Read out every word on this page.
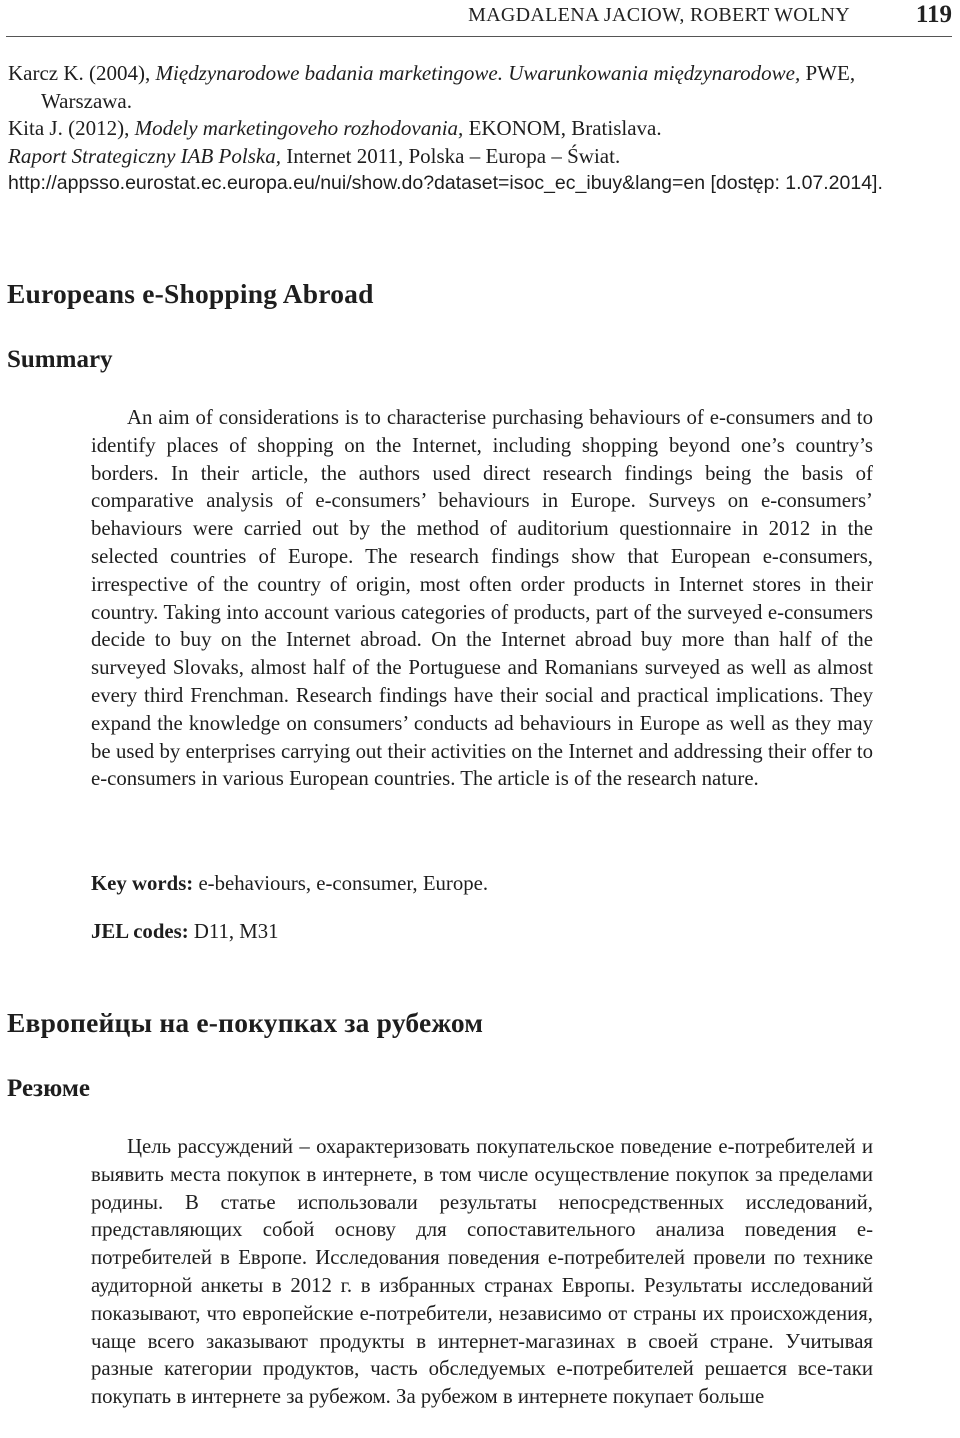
MAGDALENA JACIOW, ROBERT WOLNY	119
Karcz K. (2004), Międzynarodowe badania marketingowe. Uwarunkowania międzynarodowe, PWE, Warszawa.
Kita J. (2012), Modely marketingoveho rozhodovania, EKONOM, Bratislava.
Raport Strategiczny IAB Polska, Internet 2011, Polska – Europa – Świat.
http://appsso.eurostat.ec.europa.eu/nui/show.do?dataset=isoc_ec_ibuy&lang=en [dostęp: 1.07.2014].
Europeans e-Shopping Abroad
Summary

An aim of considerations is to characterise purchasing behaviours of e-consumers and to identify places of shopping on the Internet, including shopping beyond one’s country’s borders. In their article, the authors used direct research findings being the basis of comparative analysis of e-consumers’ behaviours in Europe. Surveys on e-consumers’ behaviours were carried out by the method of auditorium questionnaire in 2012 in the selected countries of Europe. The research findings show that European e-consumers, irrespective of the country of origin, most often order products in Internet stores in their country. Taking into account various categories of products, part of the surveyed e-consumers decide to buy on the Internet abroad. On the Internet abroad buy more than half of the surveyed Slovaks, almost half of the Portuguese and Romanians surveyed as well as almost every third Frenchman. Research findings have their social and practical implications. They expand the knowledge on consumers’ conducts ad behaviours in Europe as well as they may be used by enterprises carrying out their activities on the Internet and addressing their offer to e-consumers in various European countries. The article is of the research nature.

Key words: e-behaviours, e-consumer, Europe.

JEL codes: D11, M31

Европейцы на е-покупках за рубежом
Резюме

Цель рассуждений – охарактеризовать покупательское поведение е-потребителей и выявить места покупок в интернете, в том числе осуществление покупок за пределами родины. В статье использовали результаты непосредственных исследований, представляющих собой основу для сопоставительного анализа поведения е-потребителей в Европе. Исследования поведения е-потребителей провели по технике аудиторной анкеты в 2012 г. в избранных странах Европы. Результаты исследований показывают, что европейские е-потребители, независимо от страны их происхождения, чаще всего заказывают продукты в интернет-магазинах в своей стране. Учитывая разные категории продуктов, часть обследуемых е-потребителей решается все-таки покупать в интернете за рубежом. За рубежом в интернете покупает больше
